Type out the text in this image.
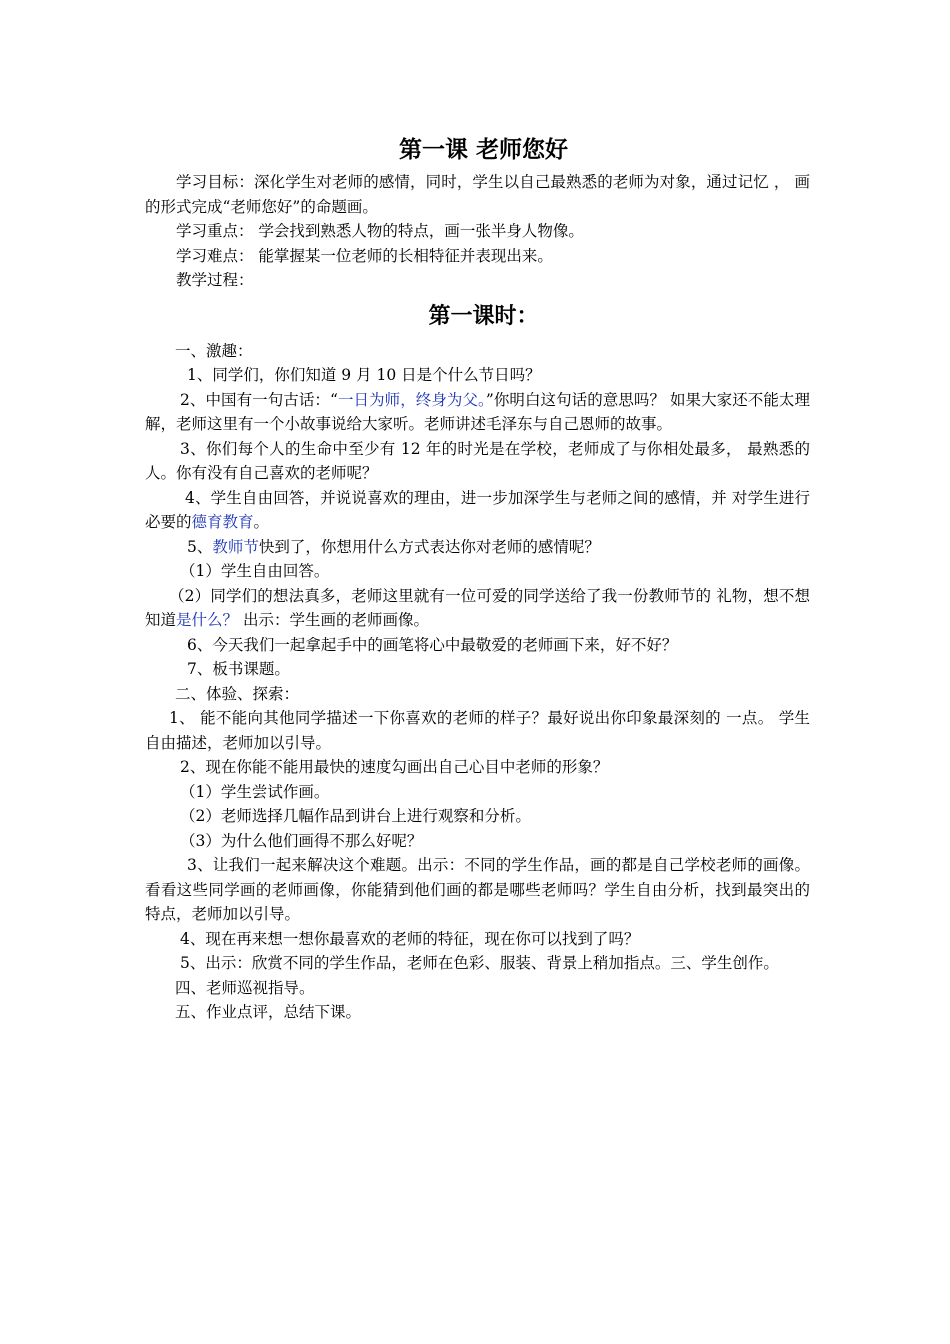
第一课 老师您好

学习目标：深化学生对老师的感情，同时，学生以自己最熟悉的老师为对象，通过记忆 ， 画的形式完成“老师您好”的命题画。

学习重点： 学会找到熟悉人物的特点，画一张半身人物像。

学习难点： 能掌握某一位老师的长相特征并表现出来。

教学过程：

第一课时：

一、激趣：

1、同学们，你们知道 9 月 10 日是个什么节日吗？

2、中国有一句古话：“一日为师，终身为父。”你明白这句话的意思吗？ 如果大家还不能太理解，老师这里有一个小故事说给大家听。老师讲述毛泽东与自己恩师的故事。

3、你们每个人的生命中至少有 12 年的时光是在学校，老师成了与你相处最多， 最熟悉的人。你有没有自己喜欢的老师呢？

4、学生自由回答，并说说喜欢的理由，进一步加深学生与老师之间的感情，并 对学生进行必要的德育教育。

5、教师节快到了，你想用什么方式表达你对老师的感情呢？

（1）学生自由回答。

（2）同学们的想法真多，老师这里就有一位可爱的同学送给了我一份教师节的 礼物，想不想知道是什么？ 出示：学生画的老师画像。

6、今天我们一起拿起手中的画笔将心中最敬爱的老师画下来，好不好？

7、板书课题。

二、体验、探索：

1、 能不能向其他同学描述一下你喜欢的老师的样子？最好说出你印象最深刻的 一点。 学生自由描述，老师加以引导。

2、现在你能不能用最快的速度勾画出自己心目中老师的形象？

（1）学生尝试作画。

（2）老师选择几幅作品到讲台上进行观察和分析。

（3）为什么他们画得不那么好呢？

3、让我们一起来解决这个难题。出示：不同的学生作品，画的都是自己学校老师的画像。看看这些同学画的老师画像，你能猜到他们画的都是哪些老师吗？学生自由分析，找到最突出的特点，老师加以引导。

4、现在再来想一想你最喜欢的老师的特征，现在你可以找到了吗？

5、出示：欣赏不同的学生作品，老师在色彩、服装、背景上稍加指点。三、学生创作。

四、老师巡视指导。

五、作业点评，总结下课。
